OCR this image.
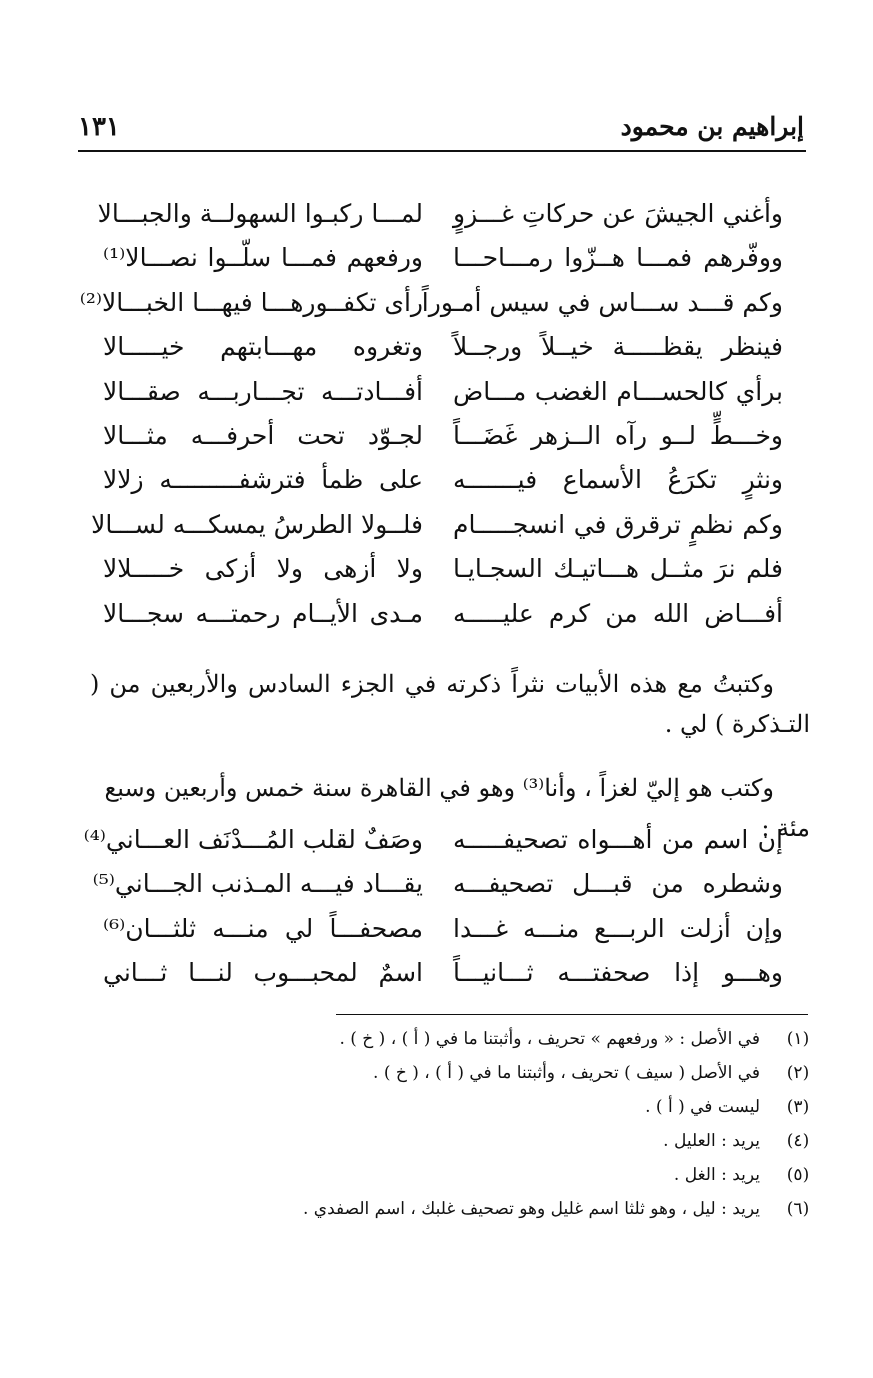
إبراهيم بن محمود
١٣١
وأغني الجيشَ عن حركاتِ غـــزوٍ
لمـــا ركبـوا السهولــة والجبـــالا
ووفّرهم فمـــا هــزّوا رمـــاحـــا
ورفعهم فمـــا سلّــوا نصـــالا⁽¹⁾
وكم قـــد ســـاس في سيس أمـوراً
رأى تكفــورهـــا فيهـــا الخبـــالا⁽²⁾
فينظر يقظـــــة خيــلاً ورجــلاً
وتغروه مهـــابتهم خيـــــالا
برأي كالحســـام الغضب مـــاض
أفـــادتـــه تجـــاربـــه صقـــالا
وخـــطٍّ لــو رآه الــزهر غَضَـــاً
لجـوّد تحت أحرفـــه مثـــالا
ونثرٍ تكرَعُ الأسماع فيـــــــه
على ظمأ فترشفـــــــــه زلالا
وكم نظمٍ ترقرق في انسجـــــام
فلــولا الطرسُ يمسكـــه لســـالا
فلم نرَ مثــل هـــاتيـك السجـايـا
ولا أزهى ولا أزكى خـــــلالا
أفـــاض الله من كرم عليـــــه
مـدى الأيــام رحمتـــه سجـــالا
وكتبتُ مع هذه الأبيات نثراً ذكرته في الجزء السادس والأربعين من ( التـذكرة ) لي .
وكتب هو إليّ لغزاً ، وأنا⁽³⁾ وهو في القاهرة سنة خمس وأربعين وسبع مئة :
إن اسم من أهـــواه تصحيفـــــه
وصَفٌ لقلب المُـــدْنَف العـــاني⁽⁴⁾
وشطره من قبـــل تصحيفـــه
يقـــاد فيـــه المـذنب الجـــاني⁽⁵⁾
وإن أزلت الربـــع منـــه غـــدا
مصحفـــاً لي منـــه ثلثـــان⁽⁶⁾
وهـــو إذا صحفتـــه ثـــانيـــاً
اسمٌ لمحبـــوب لنـــا ثـــاني
(١)
في الأصل : « ورفعهم » تحريف ، وأثبتنا ما في ( أ ) ، ( خ ) .
(٢)
في الأصل ( سيف ) تحريف ، وأثبتنا ما في ( أ ) ، ( خ ) .
(٣)
ليست في ( أ ) .
(٤)
يريد : العليل .
(٥)
يريد : الغل .
(٦)
يريد : ليل ، وهو ثلثا اسم غليل وهو تصحيف غلبك ، اسم الصفدي .
